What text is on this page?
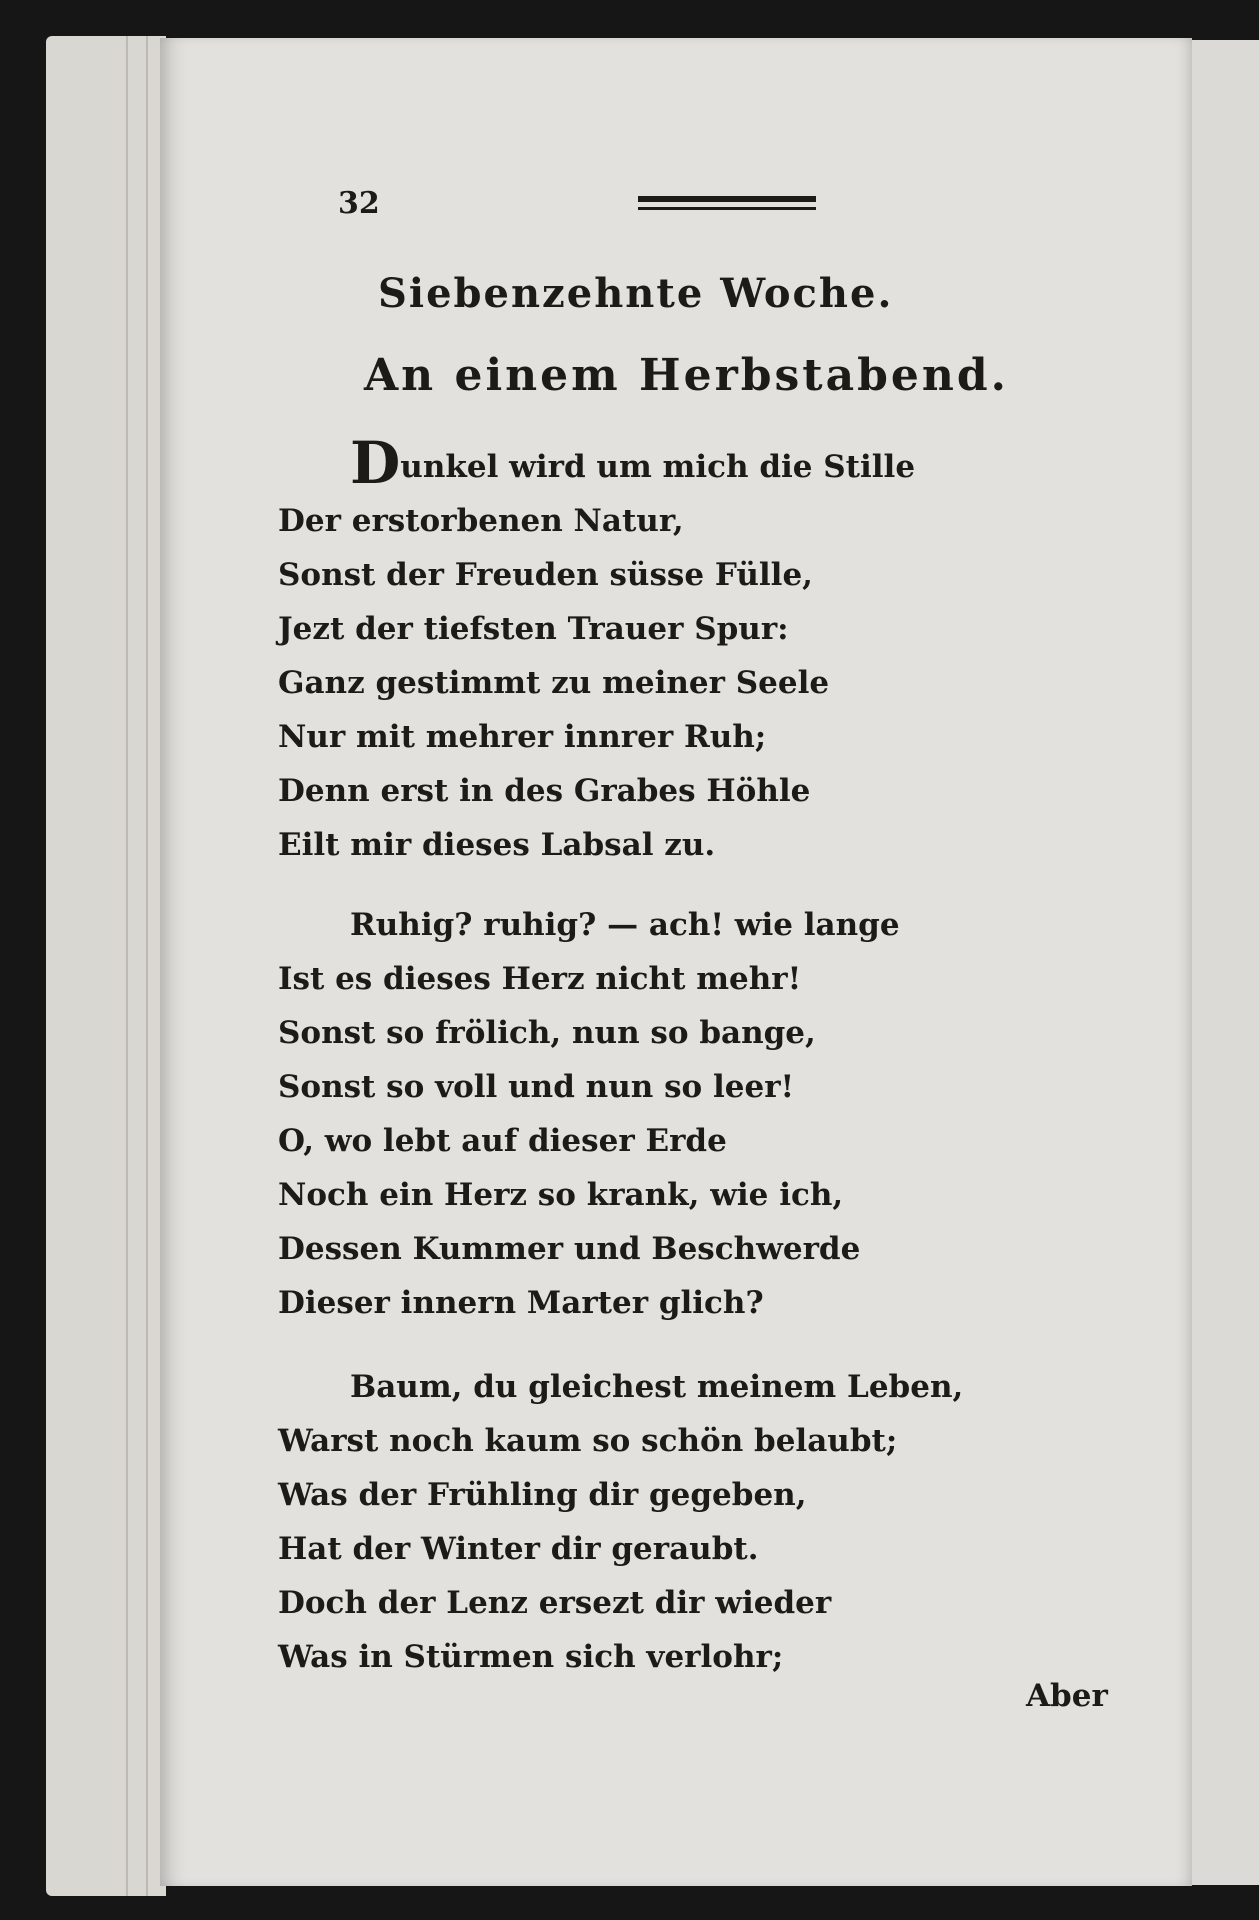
32
Siebenzehnte Woche.
An einem Herbstabend.
Dunkel wird um mich die Stille
Der erstorbenen Natur,
Sonst der Freuden süsse Fülle,
Jezt der tiefsten Trauer Spur:
Ganz gestimmt zu meiner Seele
Nur mit mehrer innrer Ruh;
Denn erst in des Grabes Höhle
Eilt mir dieses Labsal zu.
Ruhig? ruhig? — ach! wie lange
Ist es dieses Herz nicht mehr!
Sonst so frölich, nun so bange,
Sonst so voll und nun so leer!
O, wo lebt auf dieser Erde
Noch ein Herz so krank, wie ich,
Dessen Kummer und Beschwerde
Dieser innern Marter glich?
Baum, du gleichest meinem Leben,
Warst noch kaum so schön belaubt;
Was der Frühling dir gegeben,
Hat der Winter dir geraubt.
Doch der Lenz ersezt dir wieder
Was in Stürmen sich verlohr;
Aber
